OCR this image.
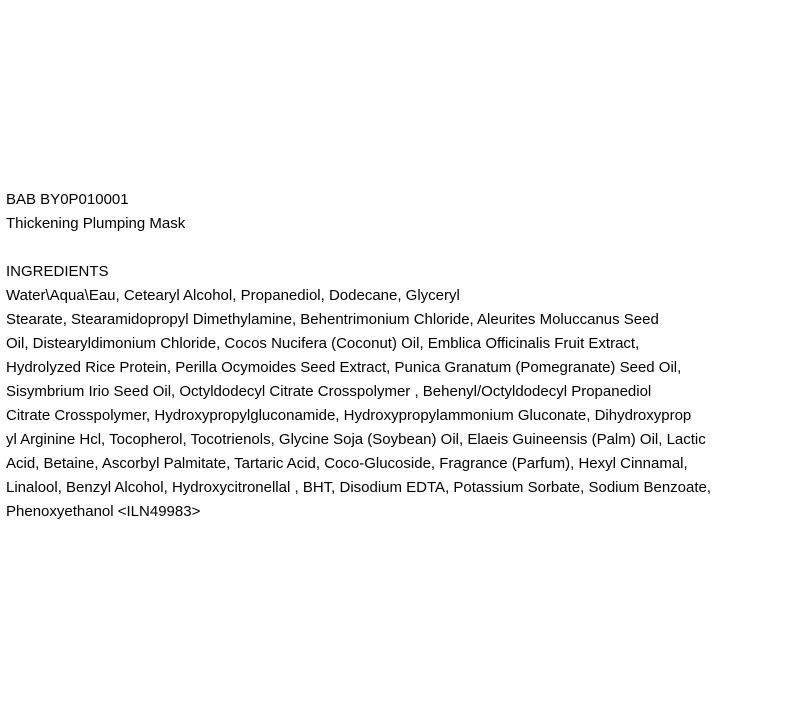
BAB BY0P010001
Thickening Plumping Mask
INGREDIENTS
Water\Aqua\Eau, Cetearyl Alcohol, Propanediol, Dodecane, Glyceryl
Stearate, Stearamidopropyl Dimethylamine, Behentrimonium Chloride, Aleurites Moluccanus Seed
Oil, Distearyldimonium Chloride, Cocos Nucifera (Coconut) Oil, Emblica Officinalis Fruit Extract,
Hydrolyzed Rice Protein, Perilla Ocymoides Seed Extract, Punica Granatum (Pomegranate) Seed Oil,
Sisymbrium Irio Seed Oil, Octyldodecyl Citrate Crosspolymer , Behenyl/Octyldodecyl Propanediol
Citrate Crosspolymer, Hydroxypropylgluconamide, Hydroxypropylammonium Gluconate, Dihydroxyprop
yl Arginine Hcl, Tocopherol, Tocotrienols, Glycine Soja (Soybean) Oil, Elaeis Guineensis (Palm) Oil, Lactic
Acid, Betaine, Ascorbyl Palmitate, Tartaric Acid, Coco-Glucoside, Fragrance (Parfum), Hexyl Cinnamal,
Linalool, Benzyl Alcohol, Hydroxycitronellal , BHT, Disodium EDTA, Potassium Sorbate, Sodium Benzoate,
Phenoxyethanol <ILN49983>
